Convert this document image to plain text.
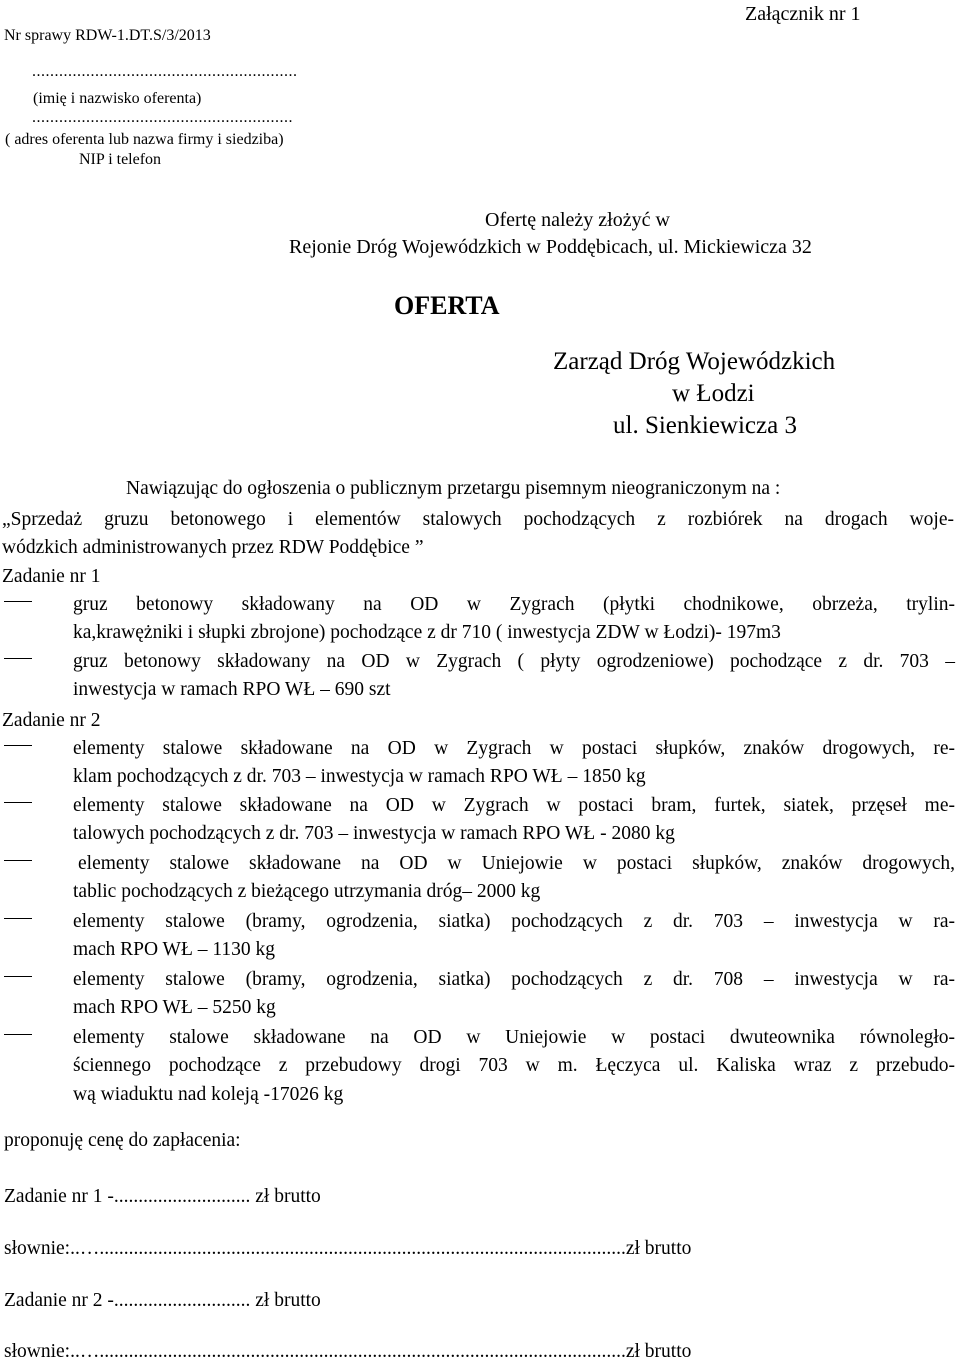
Nr sprawy RDW-1.DT.S/3/2013
Załącznik nr 1
...........................................................
(imię i nazwisko oferenta)
..........................................................
( adres oferenta lub nazwa firmy i siedziba)
NIP i telefon
Ofertę należy złożyć w
Rejonie Dróg Wojewódzkich w Poddębicach, ul. Mickiewicza 32
OFERTA
Zarząd Dróg Wojewódzkich
w Łodzi
ul. Sienkiewicza 3
Nawiązując do ogłoszenia o publicznym przetargu pisemnym nieograniczonym na :
„Sprzedaż gruzu betonowego i elementów stalowych pochodzących z rozbiórek na drogach woje-
wódzkich administrowanych przez RDW Poddębice ”
Zadanie nr 1
gruz betonowy składowany na OD w Zygrach (płytki chodnikowe, obrzeża, trylin-
ka,krawężniki i słupki zbrojone) pochodzące z dr 710 ( inwestycja ZDW w Łodzi)- 197m3
gruz betonowy składowany na OD w Zygrach ( płyty ogrodzeniowe) pochodzące z dr. 703 –
inwestycja w ramach RPO WŁ – 690 szt
Zadanie nr 2
elementy stalowe składowane na OD w Zygrach w postaci słupków, znaków drogowych, re-
klam pochodzących z dr. 703 – inwestycja w ramach RPO WŁ – 1850 kg
elementy stalowe składowane na OD w Zygrach w postaci bram, furtek, siatek, przęseł me-
talowych pochodzących z dr. 703 – inwestycja w ramach RPO WŁ - 2080 kg
elementy stalowe składowane na OD w Uniejowie w postaci słupków, znaków drogowych,
tablic pochodzących z bieżącego utrzymania dróg– 2000 kg
elementy stalowe (bramy, ogrodzenia, siatka) pochodzących z dr. 703 – inwestycja w ra-
mach RPO WŁ – 1130 kg
elementy stalowe (bramy, ogrodzenia, siatka) pochodzących z dr. 708 – inwestycja w ra-
mach RPO WŁ – 5250 kg
elementy stalowe składowane na OD w Uniejowie w postaci dwuteownika równoległo-
ściennego pochodzące z przebudowy drogi 703 w m. Łęczyca ul. Kaliska wraz z przebudo-
wą wiaduktu nad koleją -17026 kg
proponuję cenę do zapłacenia:
Zadanie nr 1 -............................ zł brutto
słownie:..…............................................................................................................zł brutto
Zadanie nr 2 -............................ zł brutto
słownie:..…............................................................................................................zł brutto
